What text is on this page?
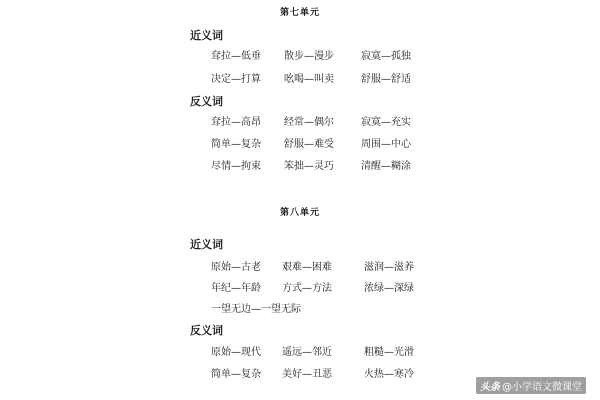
第七单元
近义词
耷拉—低垂 散步—漫步	寂寞—孤独
决定—打算 吆喝—叫卖	舒服—舒适
反义词
耷拉—高昂 经常—偶尔	寂寞—充实
简单—复杂 舒服—难受	周围—中心
尽情—拘束 笨拙—灵巧	清醒—糊涂
第八单元
近义词
原始—古老 艰难—困难	滋润—滋养
年纪—年龄 方式—方法	浓绿—深绿
一望无边—一望无际
反义词
原始—现代 遥远—邻近	粗糙—光滑
简单—复杂 美好—丑恶	火热—寒冷
头条 @小学语文微课堂
